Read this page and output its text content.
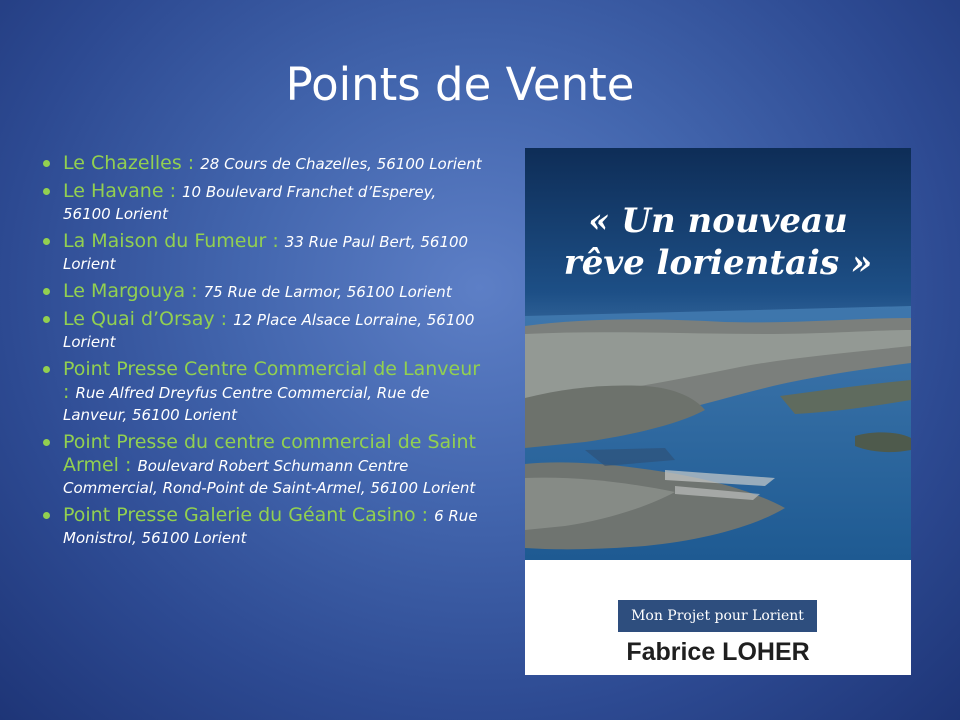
Points de Vente
Le Chazelles : 28 Cours de Chazelles, 56100 Lorient
Le Havane : 10 Boulevard Franchet d’Esperey, 56100 Lorient
La Maison du Fumeur : 33 Rue Paul Bert, 56100 Lorient
Le Margouya : 75 Rue de Larmor, 56100 Lorient
Le Quai d’Orsay : 12 Place Alsace Lorraine, 56100 Lorient
Point Presse Centre Commercial de Lanveur : Rue Alfred Dreyfus Centre Commercial, Rue de Lanveur, 56100 Lorient
Point Presse du centre commercial de Saint Armel : Boulevard Robert Schumann Centre Commercial, Rond-Point de Saint-Armel, 56100 Lorient
Point Presse Galerie du Géant Casino : 6 Rue Monistrol, 56100 Lorient
« Un nouveau
rêve lorientais »
Mon Projet pour Lorient
Fabrice LOHER
